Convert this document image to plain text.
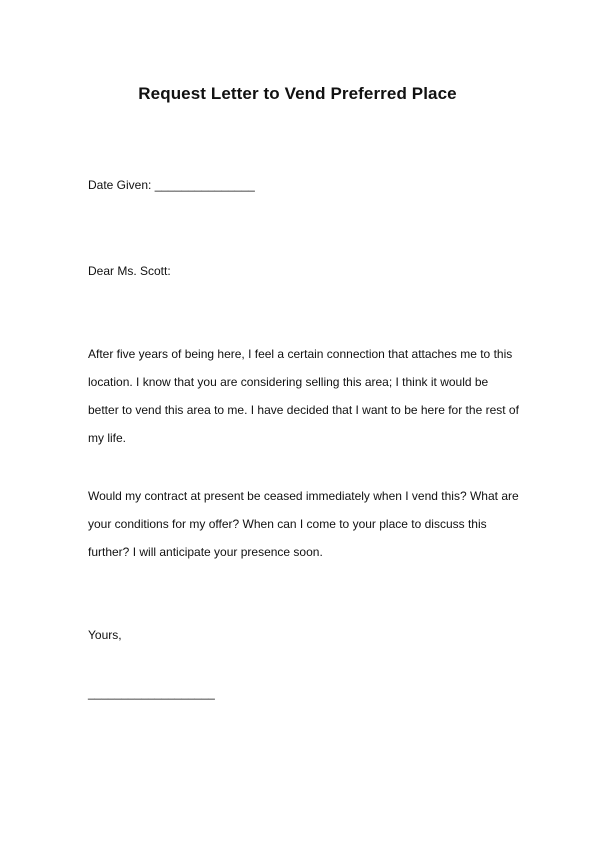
Request Letter to Vend Preferred Place
Date Given: _______________
Dear Ms. Scott:
After five years of being here, I feel a certain connection that attaches me to this
location. I know that you are considering selling this area; I think it would be
better to vend this area to me. I have decided that I want to be here for the rest of
my life.
Would my contract at present be ceased immediately when I vend this? What are
your conditions for my offer? When can I come to your place to discuss this
further? I will anticipate your presence soon.
Yours,
___________________
